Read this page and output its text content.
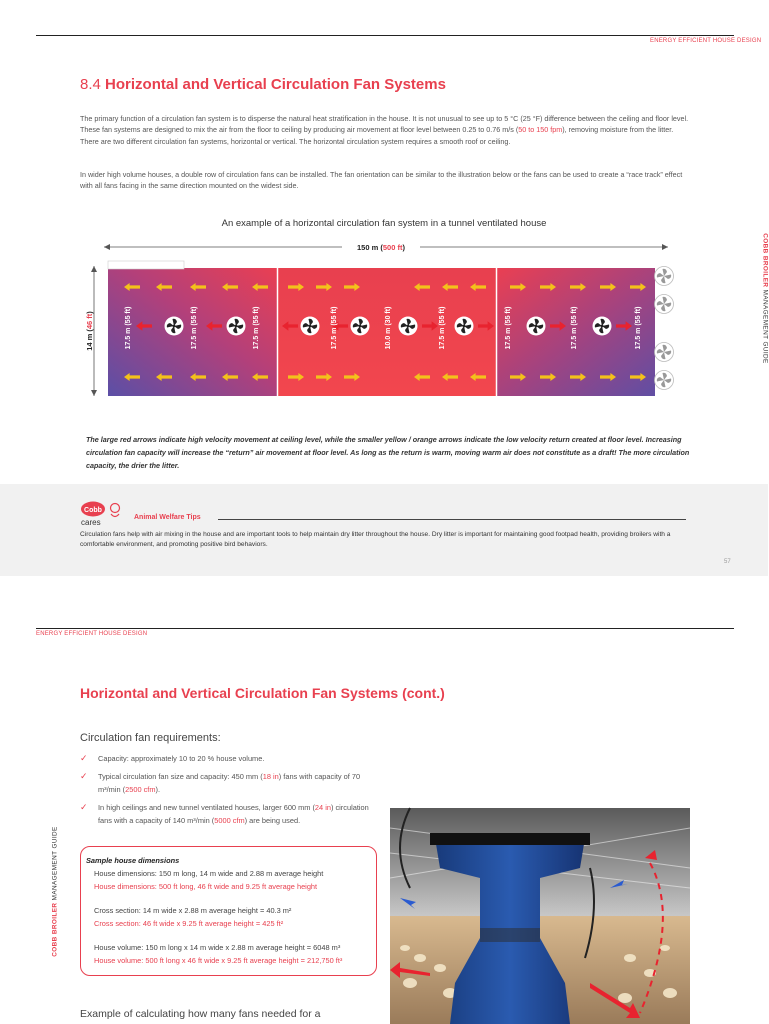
ENERGY EFFICIENT HOUSE DESIGN
8.4 Horizontal and Vertical Circulation Fan Systems

The primary function of a circulation fan system is to disperse the natural heat stratification in the house. It is not unusual to see up to 5 °C (25 °F) difference between the ceiling and floor level. These fan systems are designed to mix the air from the floor to ceiling by producing air movement at floor level between 0.25 to 0.76 m/s (50 to 150 fpm), removing moisture from the litter. There are two different circulation fan systems, horizontal or vertical. The horizontal circulation system requires a smooth roof or ceiling.

In wider high volume houses, a double row of circulation fans can be installed. The fan orientation can be similar to the illustration below or the fans can be used to create a “race track” effect with all fans facing in the same direction mounted on the widest side.

An example of a horizontal circulation fan system in a tunnel ventilated house
COBB BROILER MANAGEMENT GUIDE
150 m (500 ft)
14 m (46 ft)	17.5 m (55 ft)	17.5 m (55 ft)	17.5 m (55 ft)	17.5 m (55 ft)	10.0 m (30 ft)	17.5 m (55 ft)	17.5 m (55 ft)	17.5 m (55 ft)	17.5 m (55 ft)

The large red arrows indicate high velocity movement at ceiling level, while the smaller yellow / orange arrows indicate the low velocity return created at floor level. Increasing circulation fan capacity will increase the “return” air movement at floor level. As long as the return is warm, moving warm air does not constitute as a draft! The more circulation capacity, the drier the litter.

Cobb
cares
Animal Welfare Tips

Circulation fans help with air mixing in the house and are important tools to help maintain dry litter throughout the house. Dry litter is important for maintaining good footpad health, providing broilers with a comfortable environment, and promoting positive bird behaviors.

57
ENERGY EFFICIENT HOUSE DESIGN
Horizontal and Vertical Circulation Fan Systems (cont.)
Circulation fan requirements:
✓ Capacity: approximately 10 to 20 % house volume.
✓ Typical circulation fan size and capacity: 450 mm (18 in) fans with capacity of 70 m³/min (2500 cfm).
✓ In high ceilings and new tunnel ventilated houses, larger 600 mm (24 in) circulation fans with a capacity of 140 m³/min (5000 cfm) are being used.
Sample house dimensions
House dimensions: 150 m long, 14 m wide and 2.88 m average height
House dimensions: 500 ft long, 46 ft wide and 9.25 ft average height
Cross section: 14 m wide x 2.88 m average height = 40.3 m²
Cross section: 46 ft wide x 9.25 ft average height = 425 ft²
House volume: 150 m long x 14 m wide x 2.88 m average height = 6048 m³
House volume: 500 ft long x 46 ft wide x 9.25 ft average height = 212,750 ft³
Example of calculating how many fans needed for a
COBB BROILER MANAGEMENT GUIDE
